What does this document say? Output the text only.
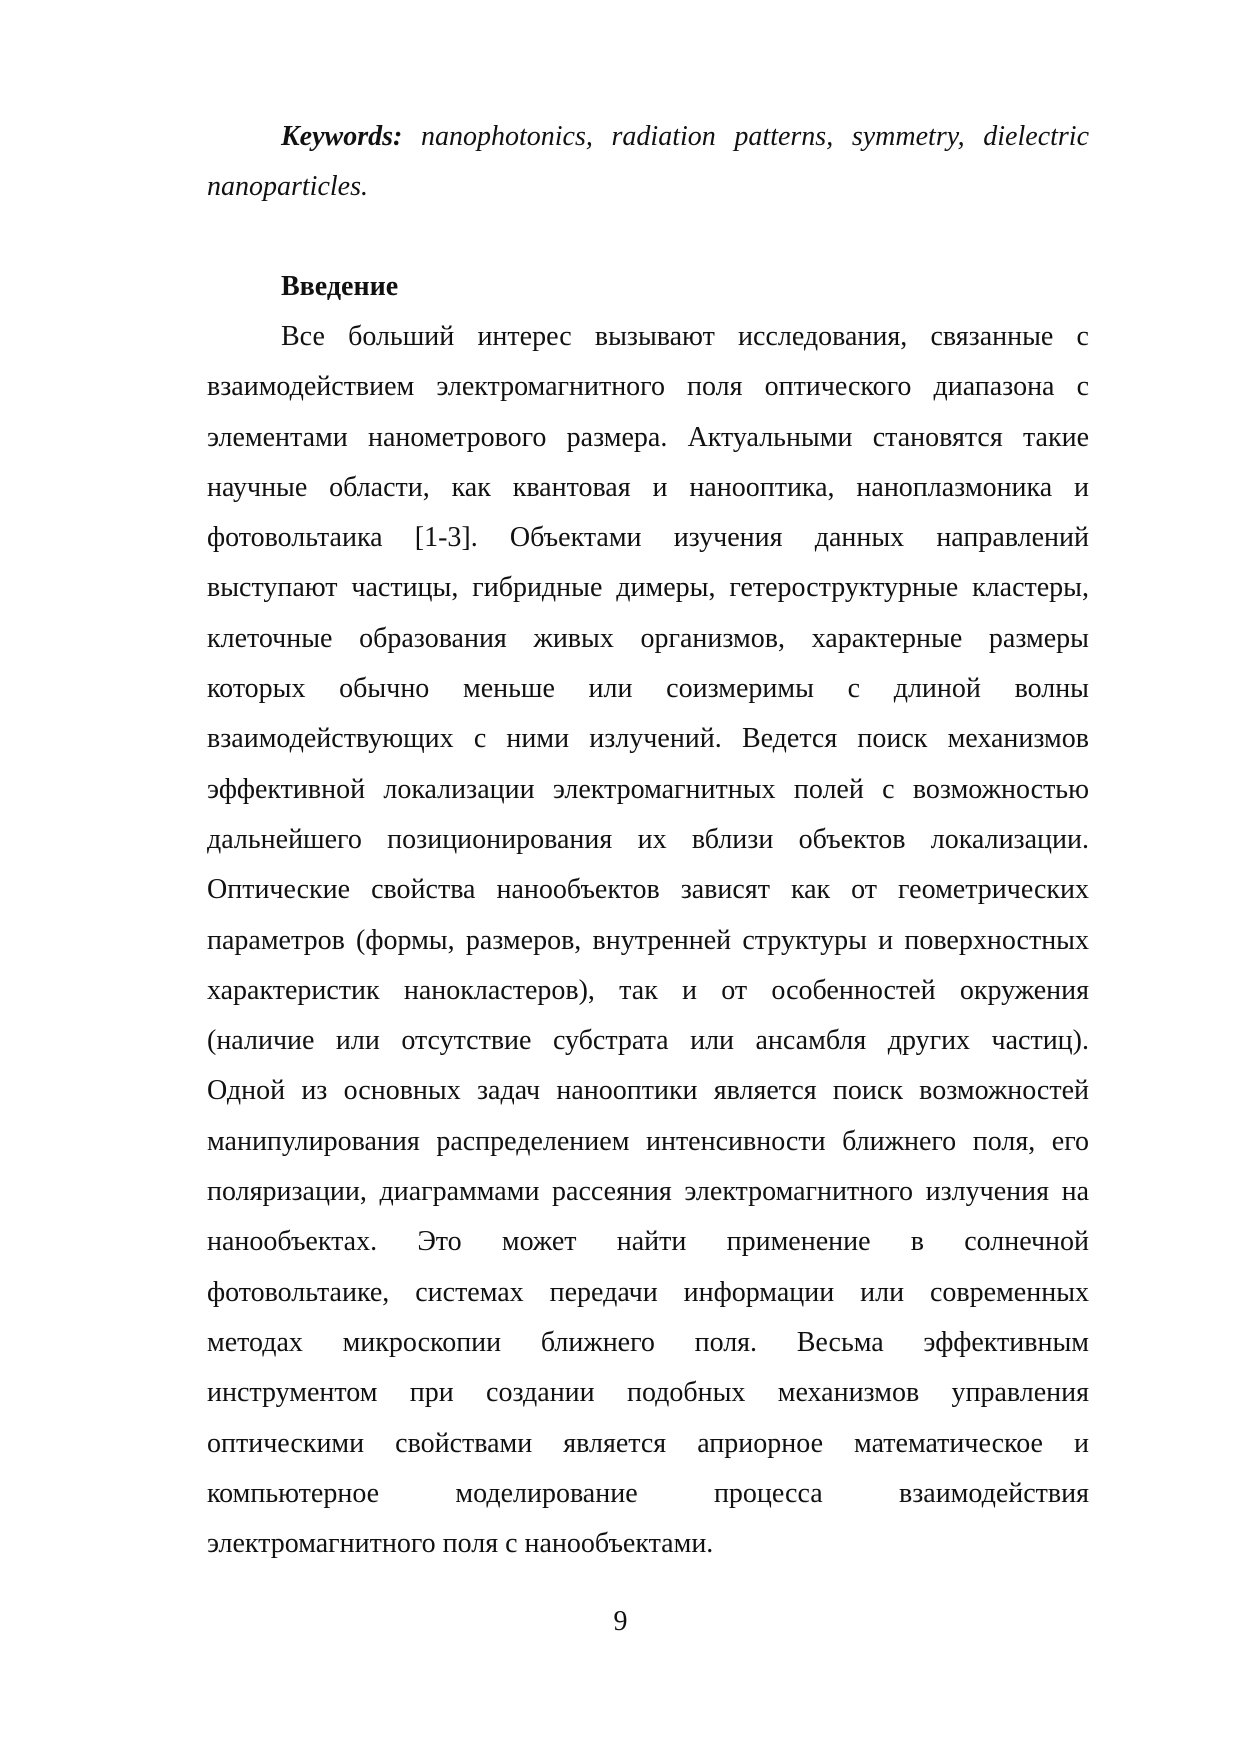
Keywords: nanophotonics, radiation patterns, symmetry, dielectric nanoparticles.

Введение
Все больший интерес вызывают исследования, связанные с
взаимодействием электромагнитного поля оптического диапазона с
элементами нанометрового размера. Актуальными становятся такие
научные области, как квантовая и нанооптика, наноплазмоника и
фотовольтаика [1-3]. Объектами изучения данных направлений
выступают частицы, гибридные димеры, гетероструктурные кластеры,
клеточные образования живых организмов, характерные размеры
которых обычно меньше или соизмеримы с длиной волны
взаимодействующих с ними излучений. Ведется поиск механизмов
эффективной локализации электромагнитных полей с возможностью
дальнейшего позиционирования их вблизи объектов локализации.
Оптические свойства нанообъектов зависят как от геометрических
параметров (формы, размеров, внутренней структуры и поверхностных
характеристик нанокластеров), так и от особенностей окружения
(наличие или отсутствие субстрата или ансамбля других частиц).
Одной из основных задач нанооптики является поиск возможностей
манипулирования распределением интенсивности ближнего поля, его
поляризации, диаграммами рассеяния электромагнитного излучения на
нанообъектах. Это может найти применение в солнечной
фотовольтаике, системах передачи информации или современных
методах микроскопии ближнего поля. Весьма эффективным
инструментом при создании подобных механизмов управления
оптическими свойствами является априорное математическое и
компьютерное моделирование процесса взаимодействия
электромагнитного поля с нанообъектами.
9
